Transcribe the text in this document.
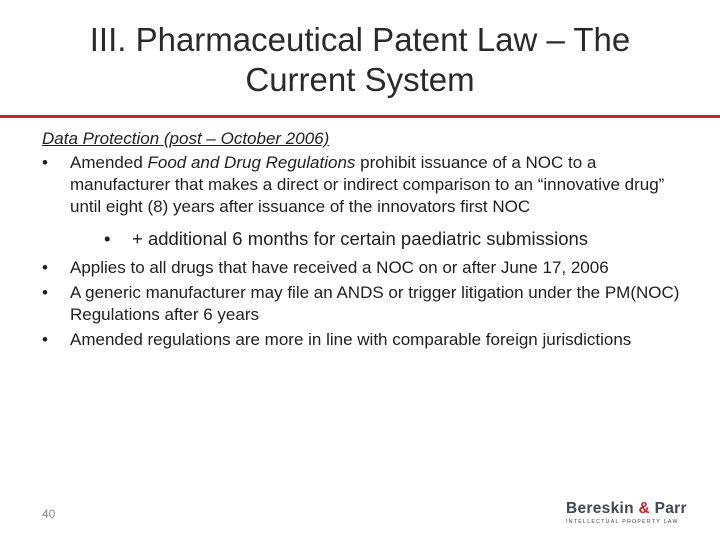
III. Pharmaceutical Patent Law – The
Current System
Data Protection (post – October 2006)
•	Amended Food and Drug Regulations prohibit issuance of a NOC to a manufacturer that makes a direct or indirect comparison to an “innovative drug” until eight (8) years after issuance of the innovators first NOC
•	+ additional 6 months for certain paediatric submissions
•	Applies to all drugs that have received a NOC on or after June 17, 2006
•	A generic manufacturer may file an ANDS or trigger litigation under the PM(NOC) Regulations after 6 years
•	Amended regulations are more in line with comparable foreign jurisdictions
40	Bereskin & Parr
INTELLECTUAL PROPERTY LAW
